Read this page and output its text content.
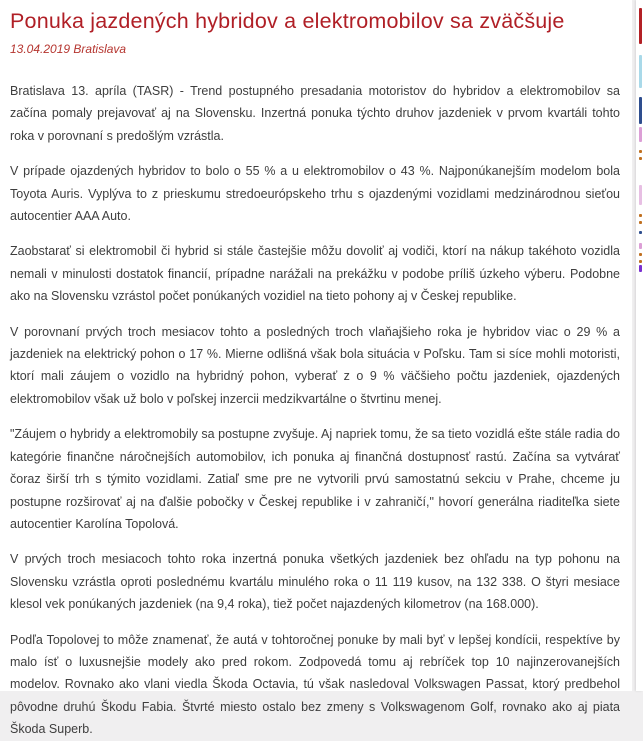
Ponuka jazdených hybridov a elektromobilov sa zväčšuje
13.04.2019 Bratislava

Bratislava 13. apríla (TASR) - Trend postupného presadania motoristov do hybridov a elektromobilov sa začína pomaly prejavovať aj na Slovensku. Inzertná ponuka týchto druhov jazdeniek v prvom kvartáli tohto roka v porovnaní s predošlým vzrástla.

V prípade ojazdených hybridov to bolo o 55 % a u elektromobilov o 43 %. Najponúkanejším modelom bola Toyota Auris. Vyplýva to z prieskumu stredoeurópskeho trhu s ojazdenými vozidlami medzinárodnou sieťou autocentier AAA Auto.

Zaobstarať si elektromobil či hybrid si stále častejšie môžu dovoliť aj vodiči, ktorí na nákup takéhoto vozidla nemali v minulosti dostatok financií, prípadne narážali na prekážku v podobe príliš úzkeho výberu. Podobne ako na Slovensku vzrástol počet ponúkaných vozidiel na tieto pohony aj v Českej republike.

V porovnaní prvých troch mesiacov tohto a posledných troch vlaňajšieho roka je hybridov viac o 29 % a jazdeniek na elektrický pohon o 17 %. Mierne odlišná však bola situácia v Poľsku. Tam si síce mohli motoristi, ktorí mali záujem o vozidlo na hybridný pohon, vyberať z o 9 % väčšieho počtu jazdeniek, ojazdených elektromobilov však už bolo v poľskej inzercii medzikvartálne o štvrtinu menej.

"Záujem o hybridy a elektromobily sa postupne zvyšuje. Aj napriek tomu, že sa tieto vozidlá ešte stále radia do kategórie finančne náročnejších automobilov, ich ponuka aj finančná dostupnosť rastú. Začína sa vytvárať čoraz širší trh s týmito vozidlami. Zatiaľ sme pre ne vytvorili prvú samostatnú sekciu v Prahe, chceme ju postupne rozširovať aj na ďalšie pobočky v Českej republike i v zahraničí," hovorí generálna riaditeľka siete autocentier Karolína Topolová.

V prvých troch mesiacoch tohto roka inzertná ponuka všetkých jazdeniek bez ohľadu na typ pohonu na Slovensku vzrástla oproti poslednému kvartálu minulého roka o 11 119 kusov, na 132 338. O štyri mesiace klesol vek ponúkaných jazdeniek (na 9,4 roka), tiež počet najazdených kilometrov (na 168.000).

Podľa Topolovej to môže znamenať, že autá v tohtoročnej ponuke by mali byť v lepšej kondícii, respektíve by malo ísť o luxusnejšie modely ako pred rokom. Zodpovedá tomu aj rebríček top 10 najinzerovanejších modelov. Rovnako ako vlani viedla Škoda Octavia, tú však nasledoval Volkswagen Passat, ktorý predbehol pôvodne druhú Škodu Fabia. Štvrté miesto ostalo bez zmeny s Volkswagenom Golf, rovnako ako aj piata Škoda Superb.
